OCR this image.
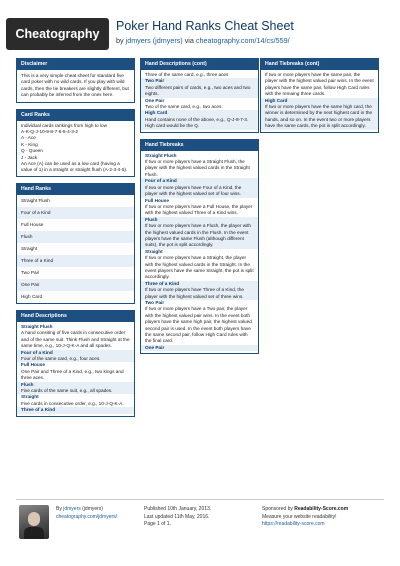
Cheatography
Poker Hand Ranks Cheat Sheet
by jdmyers (jdmyers) via cheatography.com/14/cs/559/
Disclaimer
This is a very simple cheat sheet for standard five card poker with no wild cards. If you play with wild cards, then the tie breakers are slightly different, but can probably be inferred from the ones here.
Card Ranks
Individual cards rankings from high to low
A-K-Q-J-10-9-8-7-6-5-4-3-2
A - Ace
K - King
Q - Queen
J - Jack
An Ace (A) can be used as a low card (having a value of 1) in a straight or straight flush (A-2-3-4-5).
Hand Ranks
Straight Flush
Four of a Kind
Full House
Flush
Straight
Three of a Kind
Two Pair
One Pair
High Card
Hand Descriptions
Straight Flush
A hand consiting of five cards in consecutive order and of the same suit. Think Flush and Straight at the same time, e.g., 10-J-Q-K-A and all spades.
Four of a Kind
Four of the same card, e.g., four aces.
Full House
One Pair and Three of a Kind, e.g., two kings and three aces.
Flush
Five cards of the same suit, e.g., all spades.
Straight
Five cards in consecutive order, e.g., 10-J-Q-K-A.
Three of a Kind
Hand Descriptions (cont)
Three of the same card, e.g., three aces
Two Pair
Two different pairs of cards, e.g., two aces and two eights.
One Pair
Two of the same card, e.g., two aces.
High Card
Hand contains none of the above, e.g., Q-J-8-7-3. High card would be the Q.
Hand Tiebreaks
Straight Flush
If two or more players have a Straight Flush, the player with the highest valued cards in the Straight Flush.
Four of a Kind
If two or more players have Four of a Kind, the player with the highest valued set of four wins.
Full House
If two or more players have a Full House, the player with the highest valued Three of a Kind wins.
Flush
If two or more players have a Flush, the player with the highest valued cards in the Flush. In the event players have the same Flush (although different suits), the pot is split accordingly.
Straight
If two or more players have a Straight, the player with the highest valued cards in the Straight. In the event players have the same Straight, the pot is split accordingly.
Three of a Kind
If two or more players have Three of a Kind, the player with the highest valued set of three wins.
Two Pair
If two or more players have a Two pair, the player with the highest valued pair wins. In the event both players have the same high pair, the highest valued second pair is used. In the event both players have the same second pair, follow High Card rules with the final card.
One Pair
Hand Tiebreaks (cont)
If two or more players have the same pair, the player with the highest valued pair wins. In the event players have the same pair, follow High Card rules with the remaing three cards.
High Card
If two or more players have the same high card, the winner is determined by the next highest card in the hands, and so on. In the event two or more players have the same cards, the pot is split accordingly.
By jdmyers (jdmyers)
cheatography.com/jdmyers/
Published 10th January, 2013.
Last updated 11th May, 2016.
Page 1 of 1.
Sponsored by Readability-Score.com
Measure your website readability!
https://readability-score.com
